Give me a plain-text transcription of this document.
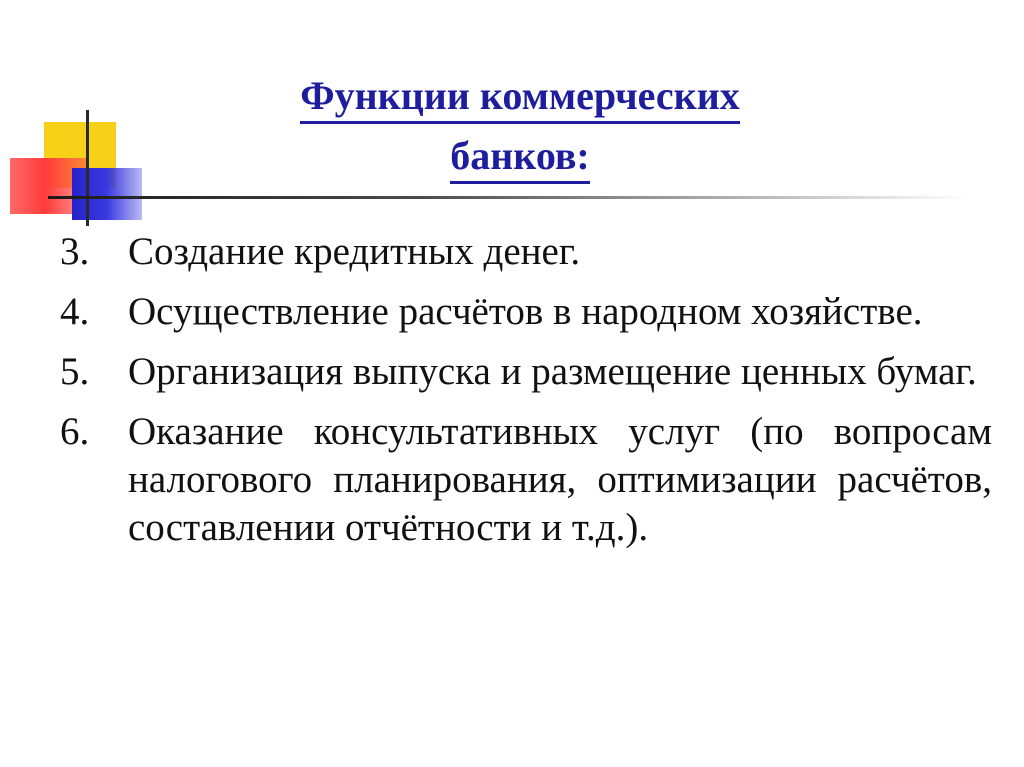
Функции коммерческих
банков:
3. Создание кредитных денег.
4. Осуществление расчётов в народном хозяйстве.
5. Организация выпуска и размещение ценных бумаг.
6. Оказание консультативных услуг (по вопросам налогового планирования, оптимизации расчётов, составлении отчётности и т.д.).
